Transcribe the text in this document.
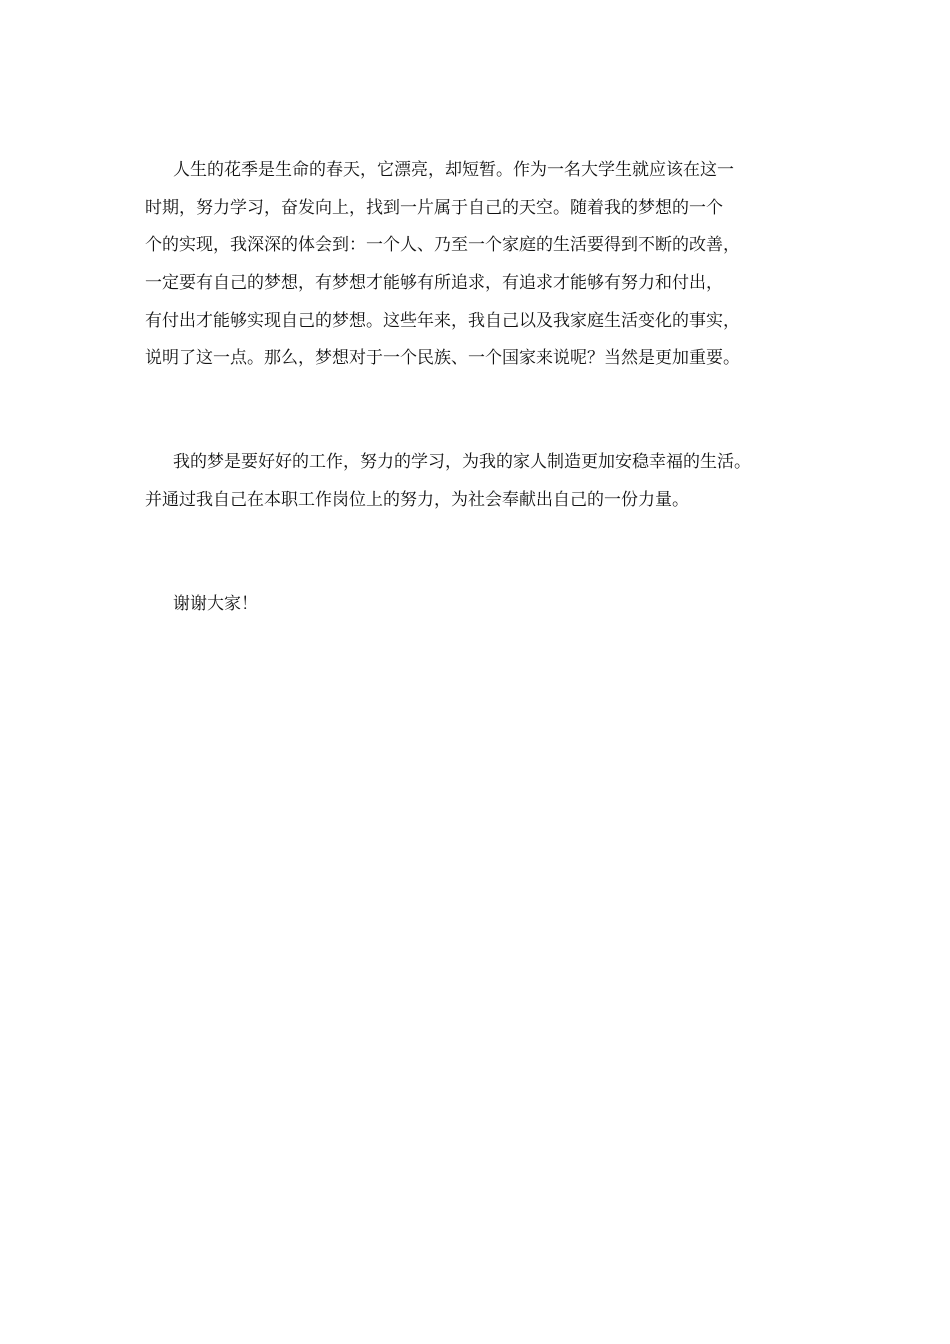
人生的花季是生命的春天，它漂亮，却短暂。作为一名大学生就应该在这一
时期，努力学习，奋发向上，找到一片属于自己的天空。随着我的梦想的一个
个的实现，我深深的体会到：一个人、乃至一个家庭的生活要得到不断的改善，
一定要有自己的梦想，有梦想才能够有所追求，有追求才能够有努力和付出，
有付出才能够实现自己的梦想。这些年来，我自己以及我家庭生活变化的事实，
说明了这一点。那么，梦想对于一个民族、一个国家来说呢？当然是更加重要。
我的梦是要好好的工作，努力的学习，为我的家人制造更加安稳幸福的生活。
并通过我自己在本职工作岗位上的努力，为社会奉献出自己的一份力量。
谢谢大家！
